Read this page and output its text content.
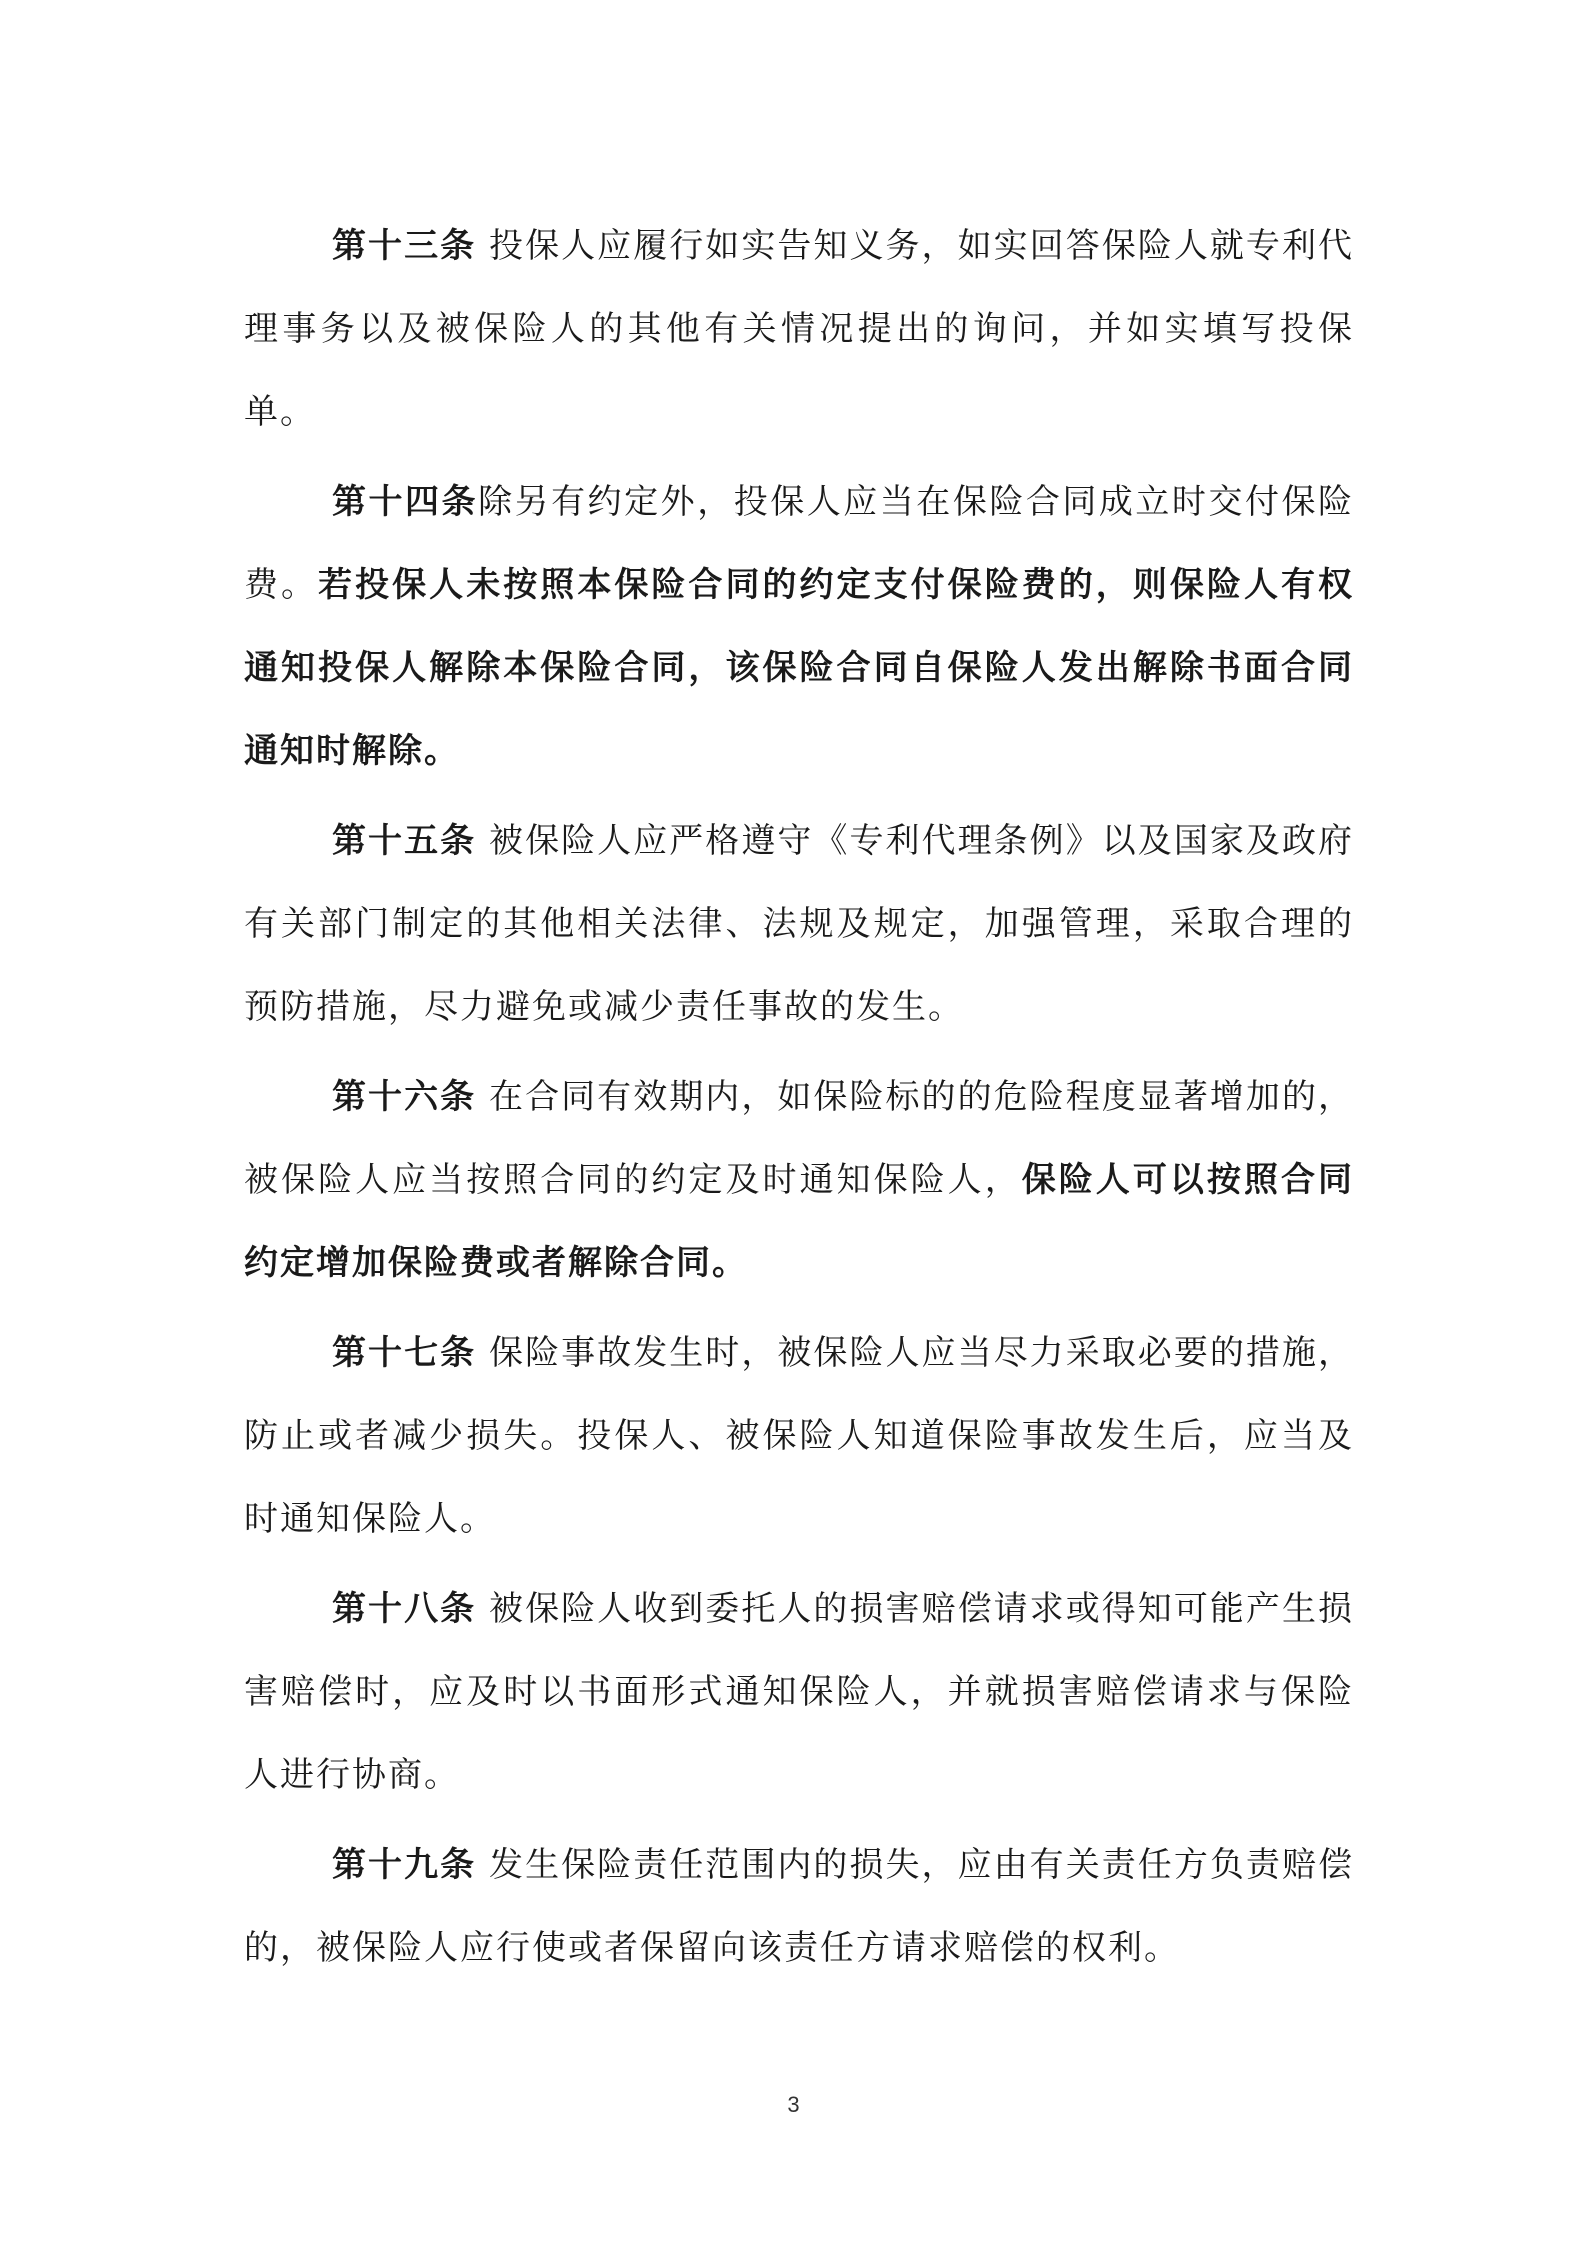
第十三条 投保人应履行如实告知义务，如实回答保险人就专利代理事务以及被保险人的其他有关情况提出的询问，并如实填写投保单。

第十四条除另有约定外，投保人应当在保险合同成立时交付保险费。若投保人未按照本保险合同的约定支付保险费的，则保险人有权通知投保人解除本保险合同，该保险合同自保险人发出解除书面合同通知时解除。

第十五条 被保险人应严格遵守《专利代理条例》以及国家及政府有关部门制定的其他相关法律、法规及规定，加强管理，采取合理的预防措施，尽力避免或减少责任事故的发生。

第十六条 在合同有效期内，如保险标的的危险程度显著增加的，被保险人应当按照合同的约定及时通知保险人，保险人可以按照合同约定增加保险费或者解除合同。

第十七条 保险事故发生时，被保险人应当尽力采取必要的措施，防止或者减少损失。投保人、被保险人知道保险事故发生后，应当及时通知保险人。

第十八条 被保险人收到委托人的损害赔偿请求或得知可能产生损害赔偿时，应及时以书面形式通知保险人，并就损害赔偿请求与保险人进行协商。

第十九条 发生保险责任范围内的损失，应由有关责任方负责赔偿的，被保险人应行使或者保留向该责任方请求赔偿的权利。

3
